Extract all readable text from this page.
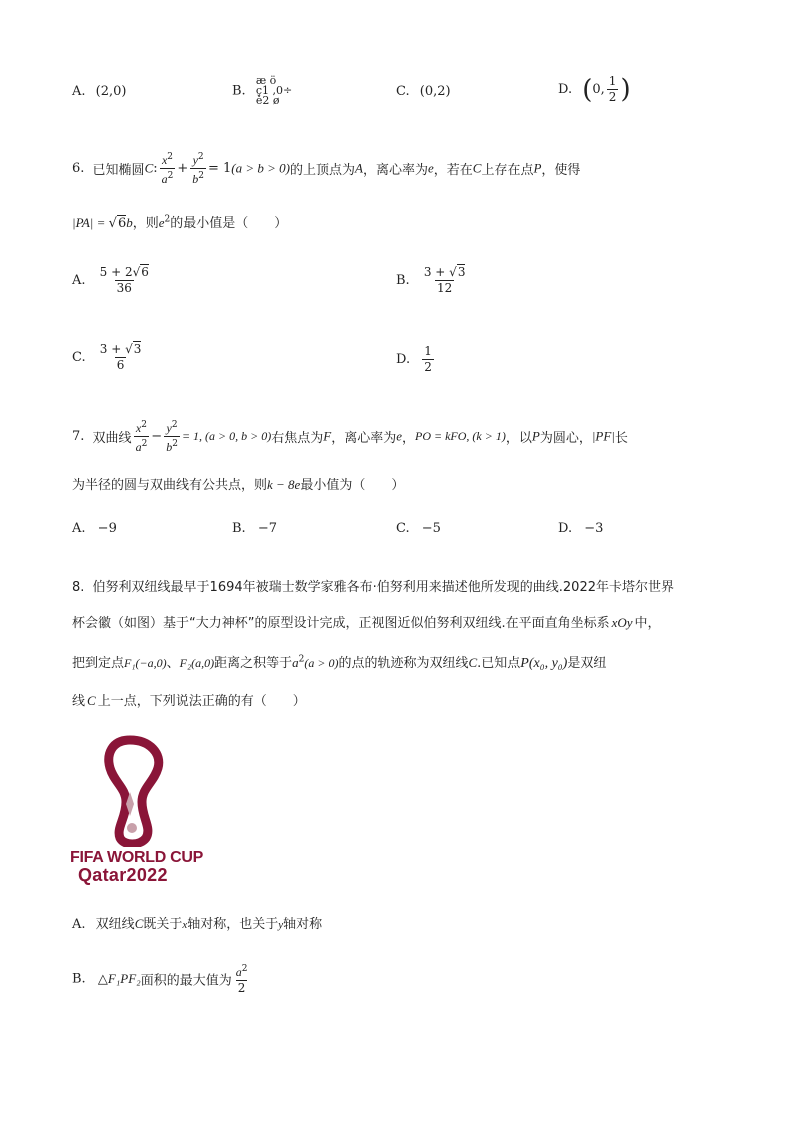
A. (2,0)	B.
æ ö
ç1 ,0÷
è2 ø
C. (0,2)	D. (0, $\frac{1}{2}$ )
6. 已知椭圆C: $\frac{x^2}{a^2} + \frac{y^2}{b^2} = 1(a > b > 0)$的上顶点为A，离心率为e，若在C上存在点P，使得
|PA| = √6b，则$e^2$的最小值是（　　）
A. $\frac{5 + 2√6}{36}$	B. $\frac{3 + √3}{12}$
C. $\frac{3 + √3}{6}$	D. $\frac{1}{2}$
7. 双曲线 $\frac{x^2}{a^2} - \frac{y^2}{b^2} = 1$, (a > 0, b > 0)右焦点为F，离心率为e，PO = kFO, (k > 1)，以P为圆心，|PF|长
为半径的圆与双曲线有公共点，则k − 8e最小值为（　　）
A. −9	B. −7	C. −5	D. −3
8. 伯努利双纽线最早于1694年被瑞士数学家雅各布·伯努利用来描述他所发现的曲线.2022年卡塔尔世界
杯会徽（如图）基于“大力神杯”的原型设计完成，正视图近似伯努利双纽线.在平面直角坐标系 xOy 中，
把到定点F₁(−a,0)、F₂(a,0)距离之积等于$a^2(a > 0)$的点的轨迹称为双纽线C.已知点P(x₀, y₀)是双纽
线 C 上一点，下列说法正确的有（　　）
FIFA WORLD CUP
Qatar2022
A. 双纽线C既关于x轴对称，也关于y轴对称
B. △F₁PF₂面积的最大值为 $\frac{a^2}{2}$
